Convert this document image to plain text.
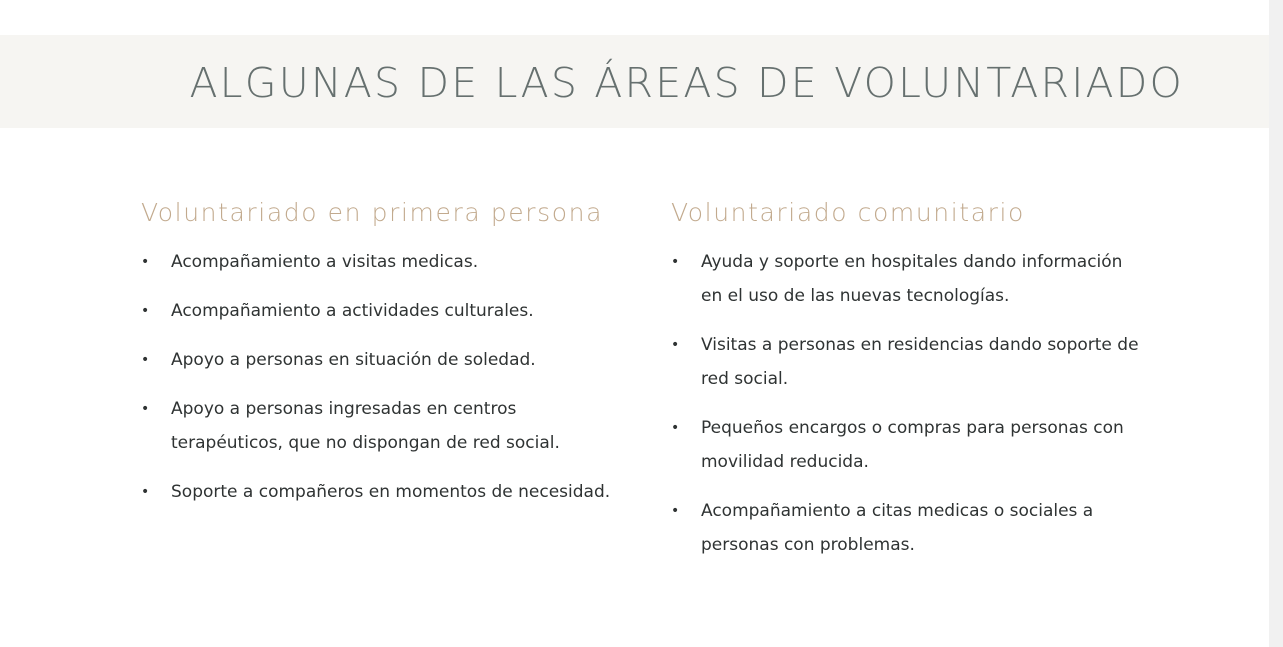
ALGUNAS DE LAS ÁREAS DE VOLUNTARIADO
Voluntariado en primera persona
• Acompañamiento a visitas medicas.
• Acompañamiento a actividades culturales.
• Apoyo a personas en situación de soledad.
• Apoyo a personas ingresadas en centros terapéuticos, que no dispongan de red social.
• Soporte a compañeros en momentos de necesidad.
Voluntariado comunitario
• Ayuda y soporte en hospitales dando información en el uso de las nuevas tecnologías.
• Visitas a personas en residencias dando soporte de red social.
• Pequeños encargos o compras para personas con movilidad reducida.
• Acompañamiento a citas medicas o sociales a personas con problemas.
